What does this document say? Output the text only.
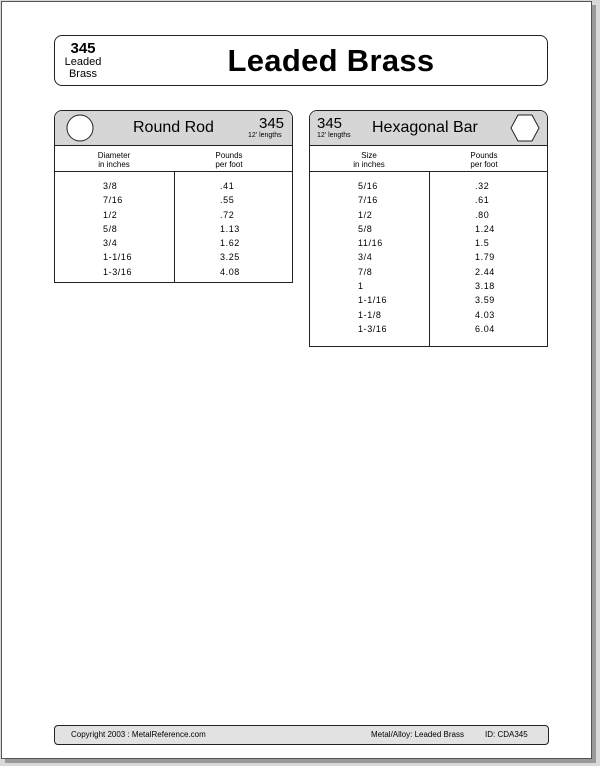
345
Leaded
Brass	Leaded Brass
Round Rod	345
12' lengths
Diameter
in inches
Pounds
per foot
3/8	.41
7/16	.55
1/2	.72
5/8	1.13
3/4	1.62
1-1/16	3.25
1-3/16	4.08
345
12' lengths Hexagonal Bar
Size
in inches
Pounds
per foot
5/16	.32
7/16	.61
1/2	.80
5/8	1.24
11/16	1.5
3/4	1.79
7/8	2.44
1	3.18
1-1/16	3.59
1-1/8	4.03
1-3/16	6.04
Copyright 2003 : MetalReference.com	Metal/Alloy: Leaded Brass	ID: CDA345
